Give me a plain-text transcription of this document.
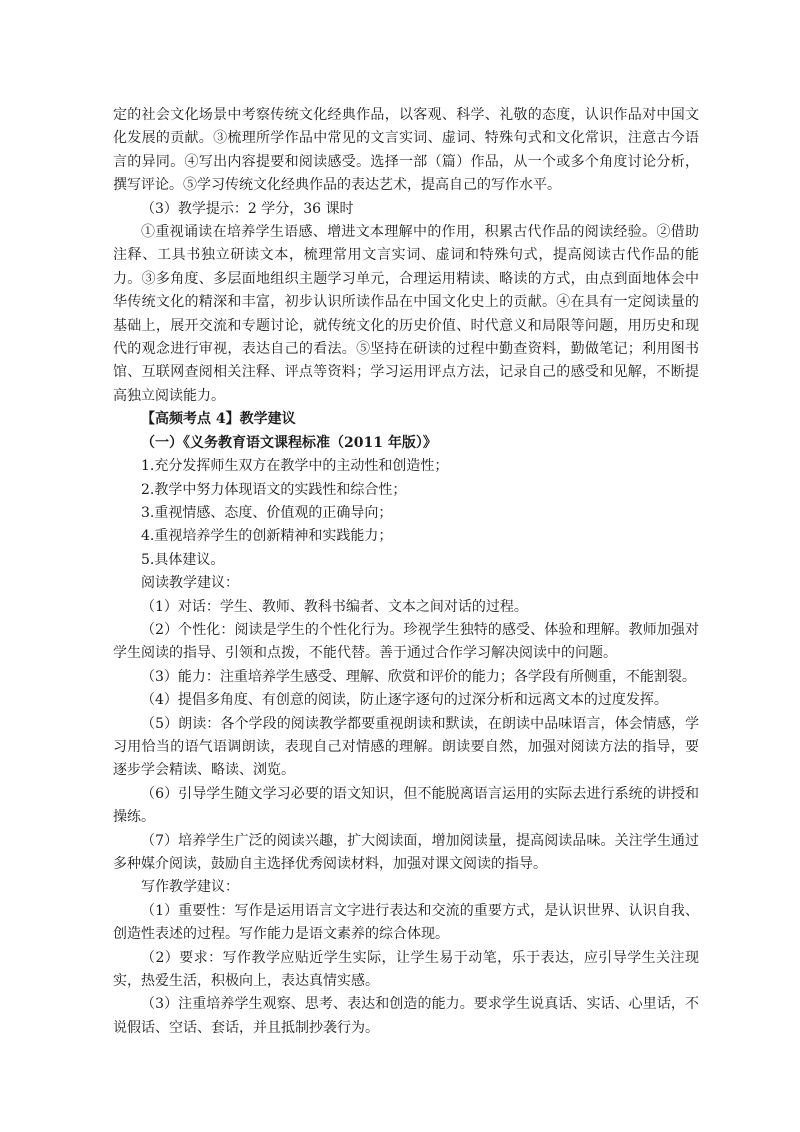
定的社会文化场景中考察传统文化经典作品，以客观、科学、礼敬的态度，认识作品对中国文化发展的贡献。③梳理所学作品中常见的文言实词、虚词、特殊句式和文化常识，注意古今语言的异同。④写出内容提要和阅读感受。选择一部（篇）作品，从一个或多个角度讨论分析，撰写评论。⑤学习传统文化经典作品的表达艺术，提高自己的写作水平。

（3）教学提示：2 学分，36 课时

①重视诵读在培养学生语感、增进文本理解中的作用，积累古代作品的阅读经验。②借助注释、工具书独立研读文本，梳理常用文言实词、虚词和特殊句式，提高阅读古代作品的能力。③多角度、多层面地组织主题学习单元，合理运用精读、略读的方式，由点到面地体会中华传统文化的精深和丰富，初步认识所读作品在中国文化史上的贡献。④在具有一定阅读量的基础上，展开交流和专题讨论，就传统文化的历史价值、时代意义和局限等问题，用历史和现代的观念进行审视，表达自己的看法。⑤坚持在研读的过程中勤查资料，勤做笔记；利用图书馆、互联网查阅相关注释、评点等资料；学习运用评点方法，记录自己的感受和见解，不断提高独立阅读能力。

【高频考点 4】教学建议

（一）《义务教育语文课程标准（2011 年版）》

1.充分发挥师生双方在教学中的主动性和创造性；

2.教学中努力体现语文的实践性和综合性；

3.重视情感、态度、价值观的正确导向；

4.重视培养学生的创新精神和实践能力；

5.具体建议。

阅读教学建议：

（1）对话：学生、教师、教科书编者、文本之间对话的过程。

（2）个性化：阅读是学生的个性化行为。珍视学生独特的感受、体验和理解。教师加强对学生阅读的指导、引领和点拨，不能代替。善于通过合作学习解决阅读中的问题。

（3）能力：注重培养学生感受、理解、欣赏和评价的能力；各学段有所侧重，不能割裂。

（4）提倡多角度、有创意的阅读，防止逐字逐句的过深分析和远离文本的过度发挥。

（5）朗读：各个学段的阅读教学都要重视朗读和默读，在朗读中品味语言，体会情感，学习用恰当的语气语调朗读，表现自己对情感的理解。朗读要自然，加强对阅读方法的指导，要逐步学会精读、略读、浏览。

（6）引导学生随文学习必要的语文知识，但不能脱离语言运用的实际去进行系统的讲授和操练。

（7）培养学生广泛的阅读兴趣，扩大阅读面，增加阅读量，提高阅读品味。关注学生通过多种媒介阅读，鼓励自主选择优秀阅读材料，加强对课文阅读的指导。

写作教学建议：

（1）重要性：写作是运用语言文字进行表达和交流的重要方式，是认识世界、认识自我、创造性表述的过程。写作能力是语文素养的综合体现。

（2）要求：写作教学应贴近学生实际，让学生易于动笔，乐于表达，应引导学生关注现实，热爱生活，积极向上，表达真情实感。

（3）注重培养学生观察、思考、表达和创造的能力。要求学生说真话、实话、心里话，不说假话、空话、套话，并且抵制抄袭行为。
